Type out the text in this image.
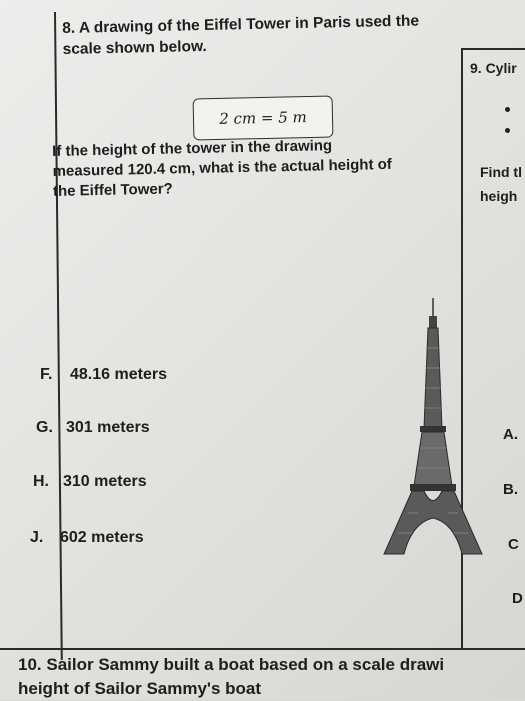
8. A drawing of the Eiffel Tower in Paris used the
scale shown below.
2 cm = 5 m
If the height of the tower in the drawing
measured 120.4 cm, what is the actual height of
the Eiffel Tower?
F. 48.16 meters
G. 301 meters
H. 310 meters
J. 602 meters
9. Cylir
Find tl
heigh
A.
B.
C
D
10. Sailor Sammy built a boat based on a scale drawi
height of Sailor Sammy's boat
